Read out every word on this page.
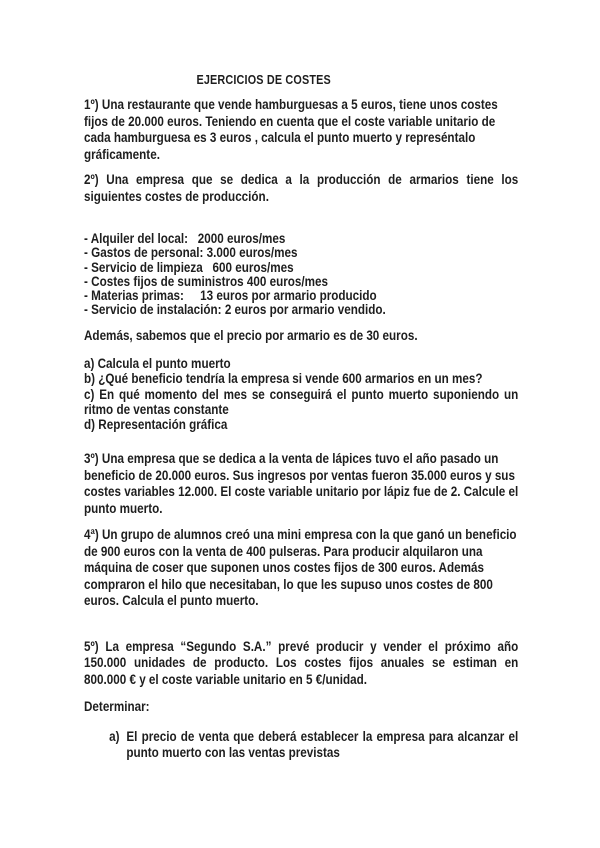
EJERCICIOS DE COSTES
1º) Una restaurante que vende hamburguesas a 5 euros, tiene unos costes fijos de 20.000 euros. Teniendo en cuenta que el coste variable unitario de cada hamburguesa es 3 euros , calcula el punto muerto y represéntalo gráficamente.
2º) Una empresa que se dedica a la producción de armarios tiene los siguientes costes de producción.
- Alquiler del local:   2000 euros/mes
- Gastos de personal: 3.000 euros/mes
- Servicio de limpieza   600 euros/mes
- Costes fijos de suministros 400 euros/mes
- Materias primas:     13 euros por armario producido
- Servicio de instalación: 2 euros por armario vendido.
Además, sabemos que el precio por armario es de 30 euros.
a) Calcula el punto muerto
b) ¿Qué beneficio tendría la empresa si vende 600 armarios en un mes?
c) En qué momento del mes se conseguirá el punto muerto suponiendo un ritmo de ventas constante
d) Representación gráfica
3º) Una empresa que se dedica a la venta de lápices tuvo el año pasado un beneficio de 20.000 euros. Sus ingresos por ventas fueron 35.000 euros y sus costes variables 12.000. El coste variable unitario por lápiz fue de 2. Calcule el punto muerto.
4ª) Un grupo de alumnos creó una mini empresa con la que ganó un beneficio de 900 euros con la venta de 400 pulseras. Para producir alquilaron una máquina de coser que suponen unos costes fijos de 300 euros. Además compraron el hilo que necesitaban, lo que les supuso unos costes de 800 euros. Calcula el punto muerto.
5º) La empresa “Segundo S.A.” prevé producir y vender el próximo año 150.000 unidades de producto. Los costes fijos anuales se estiman en 800.000 € y el coste variable unitario en 5 €/unidad.
Determinar:
a) El precio de venta que deberá establecer la empresa para alcanzar el punto muerto con las ventas previstas
